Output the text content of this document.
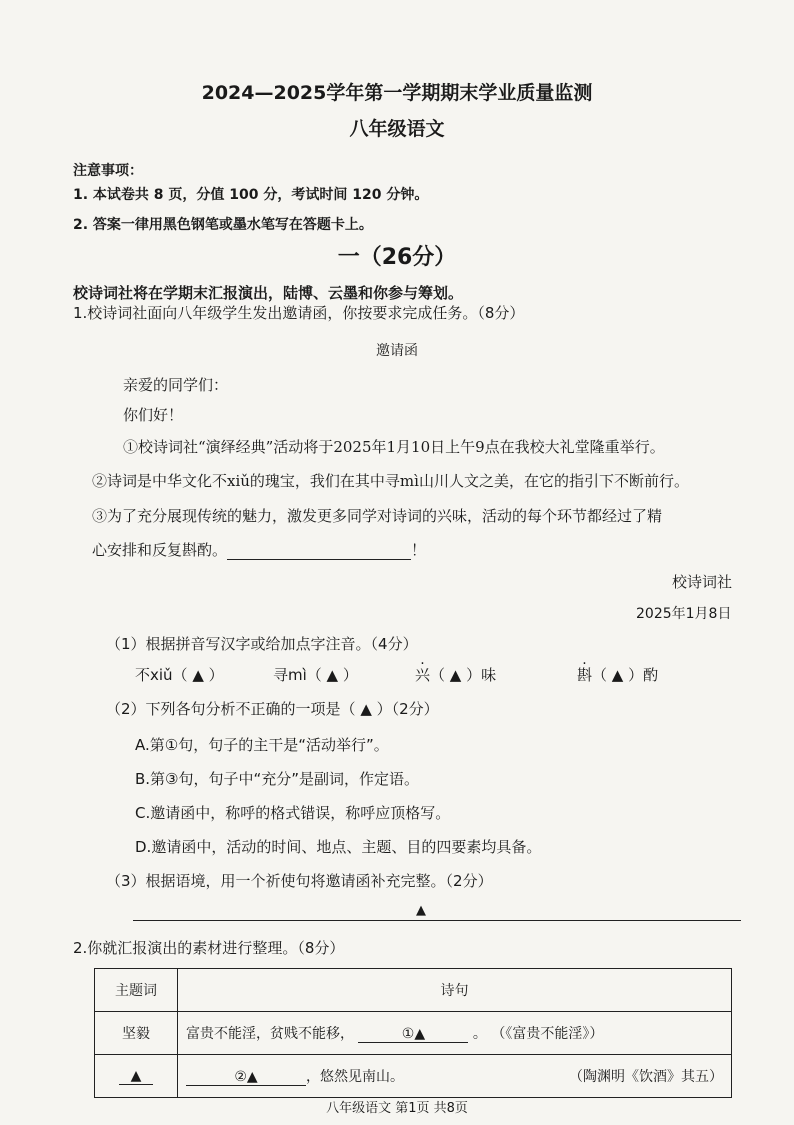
2024—2025学年第一学期期末学业质量监测
八年级语文
注意事项：
1. 本试卷共 8 页，分值 100 分，考试时间 120 分钟。
2. 答案一律用黑色钢笔或墨水笔写在答题卡上。
一（26分）
校诗词社将在学期末汇报演出，陆博、云墨和你参与筹划。
1.校诗词社面向八年级学生发出邀请函，你按要求完成任务。（8分）
邀请函
亲爱的同学们：
你们好！
①校诗词社“演绎经典”活动将于2025年1月10日上午9点在我校大礼堂隆重举行。
②诗词是中华文化不xiǔ的瑰宝，我们在其中寻mì山川人文之美，在它的指引下不断前行。
③为了充分展现传统的魅力，激发更多同学对诗词的兴味，活动的每个环节都经过了精
心安排和反复斟酌。	！
校诗词社
2025年1月8日
（1）根据拼音写汉字或给加点字注音。（4分）
不xiǔ（ ▲ ）	寻mì（ ▲ ）	兴（ ▲ ）味	斟（ ▲ ）酌
（2）下列各句分析不正确的一项是（ ▲ ）（2分）
A.第①句，句子的主干是“活动举行”。
B.第③句，句子中“充分”是副词，作定语。
C.邀请函中，称呼的格式错误，称呼应顶格写。
D.邀请函中，活动的时间、地点、主题、目的四要素均具备。
（3）根据语境，用一个祈使句将邀请函补充完整。（2分）
▲
2.你就汇报演出的素材进行整理。（8分）
主题词	诗句
坚毅	富贵不能淫，贫贱不能移， ①▲ 。 （《富贵不能淫》）
▲	②▲ ，悠然见南山。 （陶渊明《饮酒》其五）
八年级语文 第1页 共8页
